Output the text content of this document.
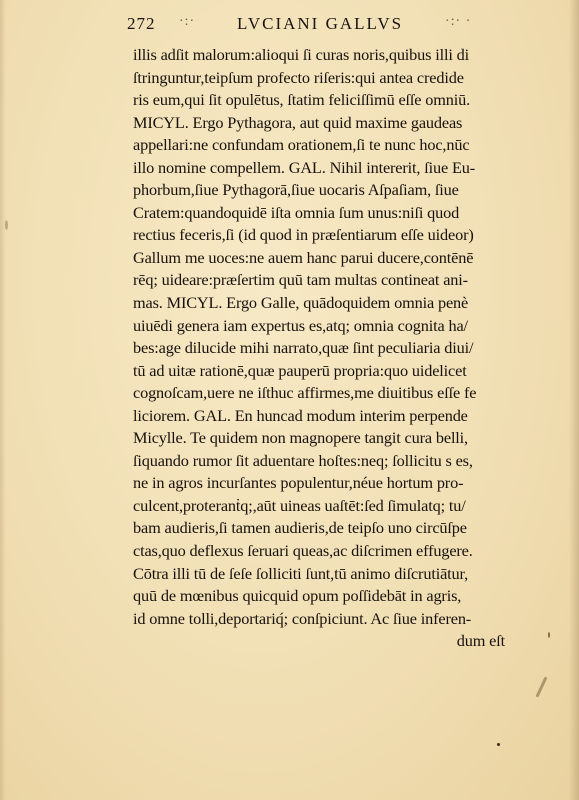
272 ·:· LVCIANI GALLVS	·:· ·
illis adſit malorum:alioqui ſi curas noris,quibus illi di
ſtringuntur,teipſum profecto riſeris:qui antea credide
ris eum,qui ſit opulētus, ſtatim feliciſſimū eſſe omniū.
MICYL. Ergo Pythagora, aut quid maxime gaudeas
appellari:ne confundam orationem,ſi te nunc hoc,nūc
illo nomine compellem. GAL. Nihil intererit, ſiue Eu-
phorbum,ſiue Pythagorā,ſiue uocaris Aſpaſiam, ſiue
Cratem:quandoquidē iſta omnia ſum unus:niſi quod
rectius feceris,ſi (id quod in præſentiarum eſſe uideor)
Gallum me uoces:ne auem hanc parui ducere,contēnē
rēq; uideare:præſertim quū tam multas contineat ani-
mas. MICYL. Ergo Galle, quādoquidem omnia penè
uiuēdi genera iam expertus es,atq; omnia cognita ha/
bes:age dilucide mihi narrato,quæ ſint peculiaria diui/
tū ad uitæ rationē,quæ pauperū propria:quo uidelicet
cognoſcam,uere ne iſthuc affirmes,me diuitibus eſſe fe
liciorem. GAL. En huncad modum interim perpende
Micylle. Te quidem non magnopere tangit cura belli,
ſiquando rumor ſit aduentare hoſtes:neq; ſollicitu s es,
ne in agros incurſantes populentur,néue hortum pro-
culcent,proteranṫq;,aūt uineas uaſtēt:ſed ſimulatq; tu/
bam audieris,ſi tamen audieris,de teipſo uno circūſpe
ctas,quo deflexus ſeruari queas,ac diſcrimen effugere.
Cōtra illi tū de ſeſe ſolliciti ſunt,tū animo diſcrutiātur,
quū de mœnibus quicquid opum poſſidebāt in agris,
id omne tolli,deportariq́; conſpiciunt. Ac ſiue inferen-
dum eſt
